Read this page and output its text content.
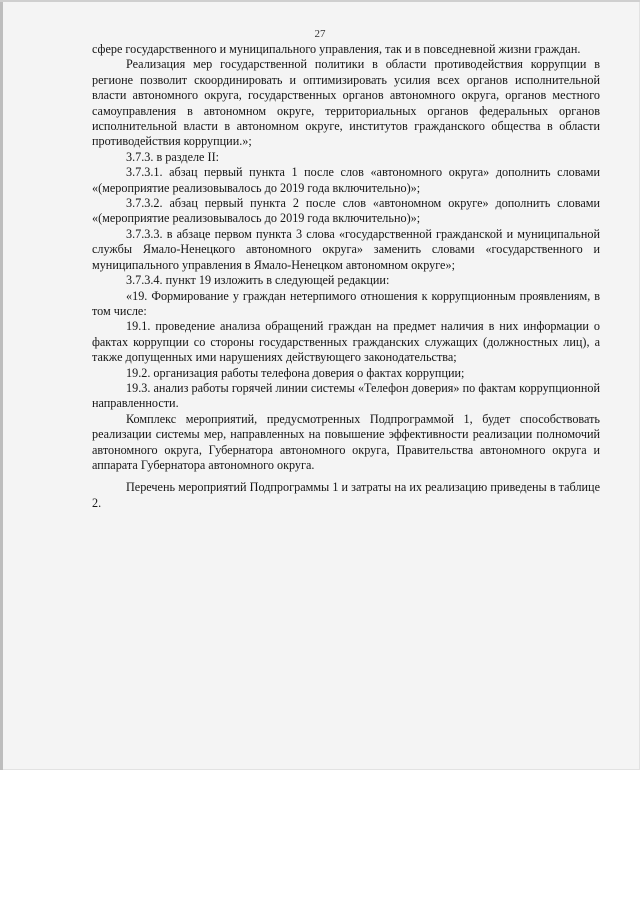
27

сфере государственного и муниципального управления, так и в повседневной жизни граждан.

Реализация мер государственной политики в области противодействия коррупции в регионе позволит скоординировать и оптимизировать усилия всех органов исполнительной власти автономного округа, государственных органов автономного округа, органов местного самоуправления в автономном округе, территориальных органов федеральных органов исполнительной власти в автономном округе, институтов гражданского общества в области противодействия коррупции.»;

3.7.3. в разделе II:

3.7.3.1. абзац первый пункта 1 после слов «автономного округа» дополнить словами «(мероприятие реализовывалось до 2019 года включительно)»;

3.7.3.2. абзац первый пункта 2 после слов «автономном округе» дополнить словами «(мероприятие реализовывалось до 2019 года включительно)»;

3.7.3.3. в абзаце первом пункта 3 слова «государственной гражданской и муниципальной службы Ямало-Ненецкого автономного округа» заменить словами «государственного и муниципального управления в Ямало-Ненецком автономном округе»;

3.7.3.4. пункт 19 изложить в следующей редакции:

«19. Формирование у граждан нетерпимого отношения к коррупционным проявлениям, в том числе:

19.1. проведение анализа обращений граждан на предмет наличия в них информации о фактах коррупции со стороны государственных гражданских служащих (должностных лиц), а также допущенных ими нарушениях действующего законодательства;

19.2. организация работы телефона доверия о фактах коррупции;

19.3. анализ работы горячей линии системы «Телефон доверия» по фактам коррупционной направленности.

Комплекс мероприятий, предусмотренных Подпрограммой 1, будет способствовать реализации системы мер, направленных на повышение эффективности реализации полномочий автономного округа, Губернатора автономного округа, Правительства автономного округа и аппарата Губернатора автономного округа.

Перечень мероприятий Подпрограммы 1 и затраты на их реализацию приведены в таблице 2.
